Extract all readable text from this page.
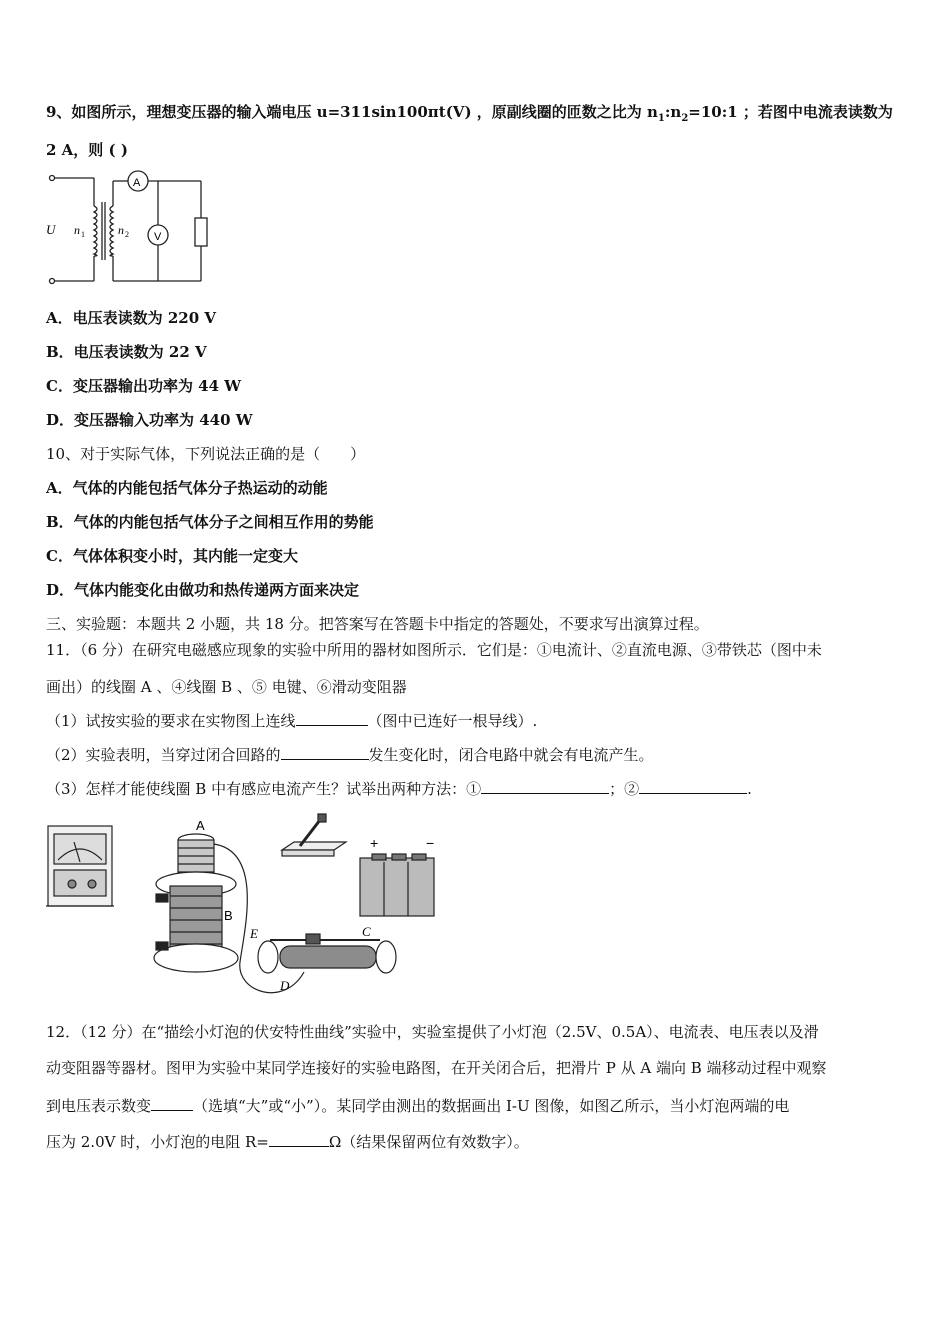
9、如图所示，理想变压器的输入端电压 u=311sin100πt(V) ，原副线圈的匝数之比为 $n_1:n_2=10:1$ ；若图中电流表读数为
2 A，则 ( )
U n 1	n 2
A
V
A．电压表读数为 220 V
B．电压表读数为 22 V
C．变压器输出功率为 44 W
D．变压器输入功率为 440 W
10、对于实际气体，下列说法正确的是（　　）
A．气体的内能包括气体分子热运动的动能
B．气体的内能包括气体分子之间相互作用的势能
C．气体体积变小时，其内能一定变大
D．气体内能变化由做功和热传递两方面来决定
三、实验题：本题共 2 小题，共 18 分。把答案写在答题卡中指定的答题处，不要求写出演算过程。
11．（6 分）在研究电磁感应现象的实验中所用的器材如图所示．它们是：①电流计、②直流电源、③带铁芯（图中未
画出）的线圈 A 、④线圈 B 、⑤ 电键、⑥滑动变阻器
（1）试按实验的要求在实物图上连线	（图中已连好一根导线）.
（2）实验表明，当穿过闭合回路的	发生变化时，闭合电路中就会有电流产生。
（3）怎样才能使线圈 B 中有感应电流产生？试举出两种方法：①	；②	.
A
B
E	C
D
+	−
12．（12 分）在“描绘小灯泡的伏安特性曲线”实验中，实验室提供了小灯泡（2.5V、0.5A）、电流表、电压表以及滑
动变阻器等器材。图甲为实验中某同学连接好的实验电路图，在开关闭合后，把滑片 P 从 A 端向 B 端移动过程中观察
到电压表示数变	（选填“大”或“小”）。某同学由测出的数据画出 I-U 图像，如图乙所示，当小灯泡两端的电
压为 2.0V 时，小灯泡的电阻 R=	Ω（结果保留两位有效数字）。
